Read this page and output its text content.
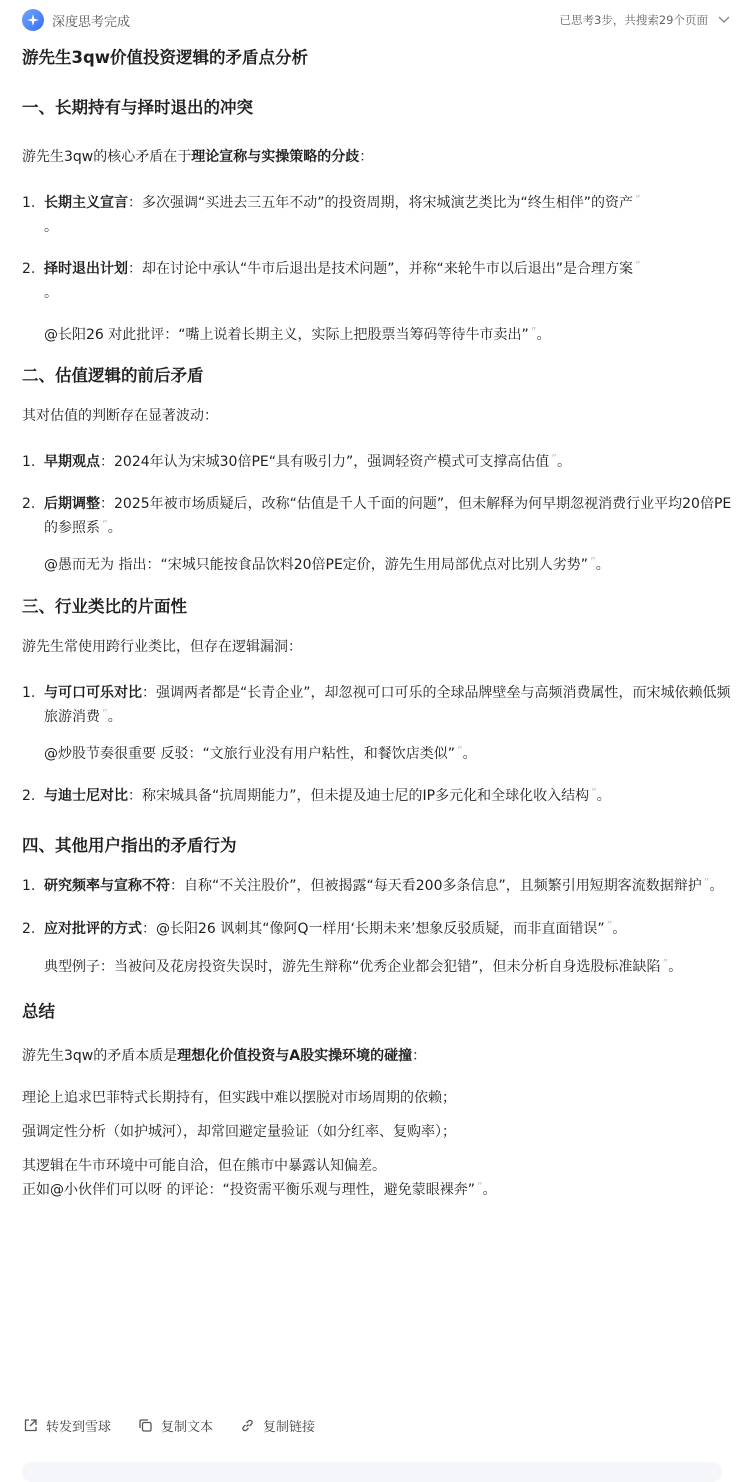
深度思考完成	已思考3步，共搜索29个页面
游先生3qw价值投资逻辑的矛盾点分析
一、长期持有与择时退出的冲突

游先生3qw的核心矛盾在于理论宣称与实操策略的分歧：

1. 长期主义宣言：多次强调“买进去三五年不动”的投资周期，将宋城演艺类比为“终生相伴”的资产 ”
。
2. 择时退出计划：却在讨论中承认“牛市后退出是技术问题”，并称“来轮牛市以后退出”是合理方案 ”
。
@长阳26 对此批评：“嘴上说着长期主义，实际上把股票当筹码等待牛市卖出” ”。
二、估值逻辑的前后矛盾

其对估值的判断存在显著波动：

1. 早期观点：2024年认为宋城30倍PE“具有吸引力”，强调轻资产模式可支撑高估值 ”。
2. 后期调整：2025年被市场质疑后，改称“估值是千人千面的问题”，但未解释为何早期忽视消费行业平均20倍PE的参照系 ”。
@愚而无为 指出：“宋城只能按食品饮料20倍PE定价，游先生用局部优点对比别人劣势” ”。
三、行业类比的片面性

游先生常使用跨行业类比，但存在逻辑漏洞：

1. 与可口可乐对比：强调两者都是“长青企业”，却忽视可口可乐的全球品牌壁垒与高频消费属性，而宋城依赖低频旅游消费 ”。
@炒股节奏很重要 反驳：“文旅行业没有用户粘性，和餐饮店类似” ”。
2. 与迪士尼对比：称宋城具备“抗周期能力”，但未提及迪士尼的IP多元化和全球化收入结构 ”。
四、其他用户指出的矛盾行为
1. 研究频率与宣称不符：自称“不关注股价”，但被揭露“每天看200多条信息”，且频繁引用短期客流数据辩护 ”。
2. 应对批评的方式：@长阳26 讽刺其“像阿Q一样用‘长期未来’想象反驳质疑，而非直面错误” ”。
典型例子：当被问及花房投资失误时，游先生辩称“优秀企业都会犯错”，但未分析自身选股标准缺陷 ”。
总结

游先生3qw的矛盾本质是理想化价值投资与A股实操环境的碰撞：

理论上追求巴菲特式长期持有，但实践中难以摆脱对市场周期的依赖；

强调定性分析（如护城河），却常回避定量验证（如分红率、复购率）；

其逻辑在牛市环境中可能自洽，但在熊市中暴露认知偏差。

正如@小伙伴们可以呀 的评论：“投资需平衡乐观与理性，避免蒙眼裸奔” ”。

转发到雪球	复制文本	复制链接
